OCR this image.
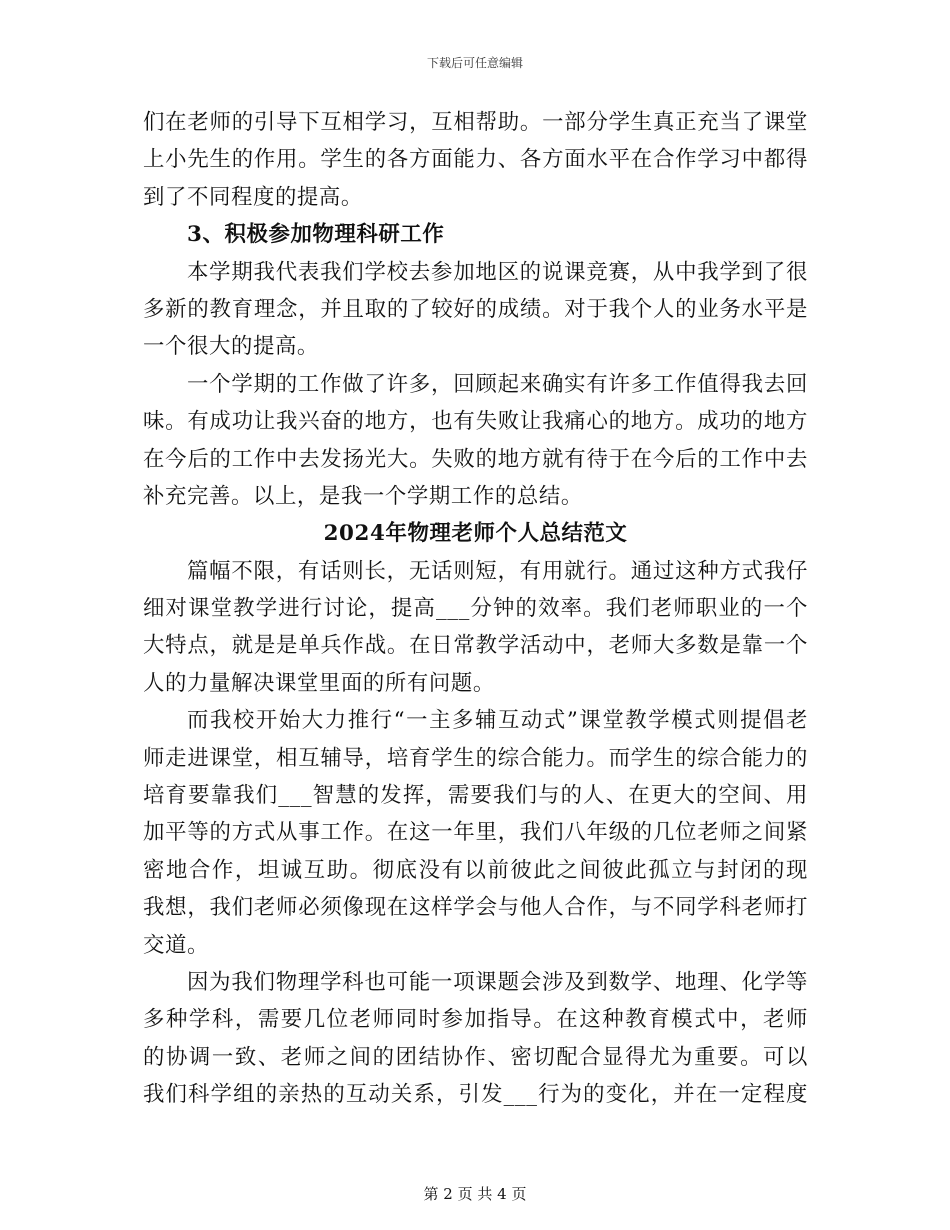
下载后可任意编辑
们在老师的引导下互相学习，互相帮助。一部分学生真正充当了课堂
上小先生的作用。学生的各方面能力、各方面水平在合作学习中都得
到了不同程度的提高。
3、积极参加物理科研工作
本学期我代表我们学校去参加地区的说课竞赛，从中我学到了很
多新的教育理念，并且取的了较好的成绩。对于我个人的业务水平是
一个很大的提高。
一个学期的工作做了许多，回顾起来确实有许多工作值得我去回
味。有成功让我兴奋的地方，也有失败让我痛心的地方。成功的地方
在今后的工作中去发扬光大。失败的地方就有待于在今后的工作中去
补充完善。以上，是我一个学期工作的总结。
2024年物理老师个人总结范文
篇幅不限，有话则长，无话则短，有用就行。通过这种方式我仔
细对课堂教学进行讨论，提高___分钟的效率。我们老师职业的一个
大特点，就是是单兵作战。在日常教学活动中，老师大多数是靠一个
人的力量解决课堂里面的所有问题。
而我校开始大力推行“一主多辅互动式”课堂教学模式则提倡老
师走进课堂，相互辅导，培育学生的综合能力。而学生的综合能力的
培育要靠我们___智慧的发挥，需要我们与的人、在更大的空间、用
加平等的方式从事工作。在这一年里，我们八年级的几位老师之间紧
密地合作，坦诚互助。彻底没有以前彼此之间彼此孤立与封闭的现
我想，我们老师必须像现在这样学会与他人合作，与不同学科老师打
交道。
因为我们物理学科也可能一项课题会涉及到数学、地理、化学等
多种学科，需要几位老师同时参加指导。在这种教育模式中，老师
的协调一致、老师之间的团结协作、密切配合显得尤为重要。可以
我们科学组的亲热的互动关系，引发___行为的变化，并在一定程度
第 2 页 共 4 页
